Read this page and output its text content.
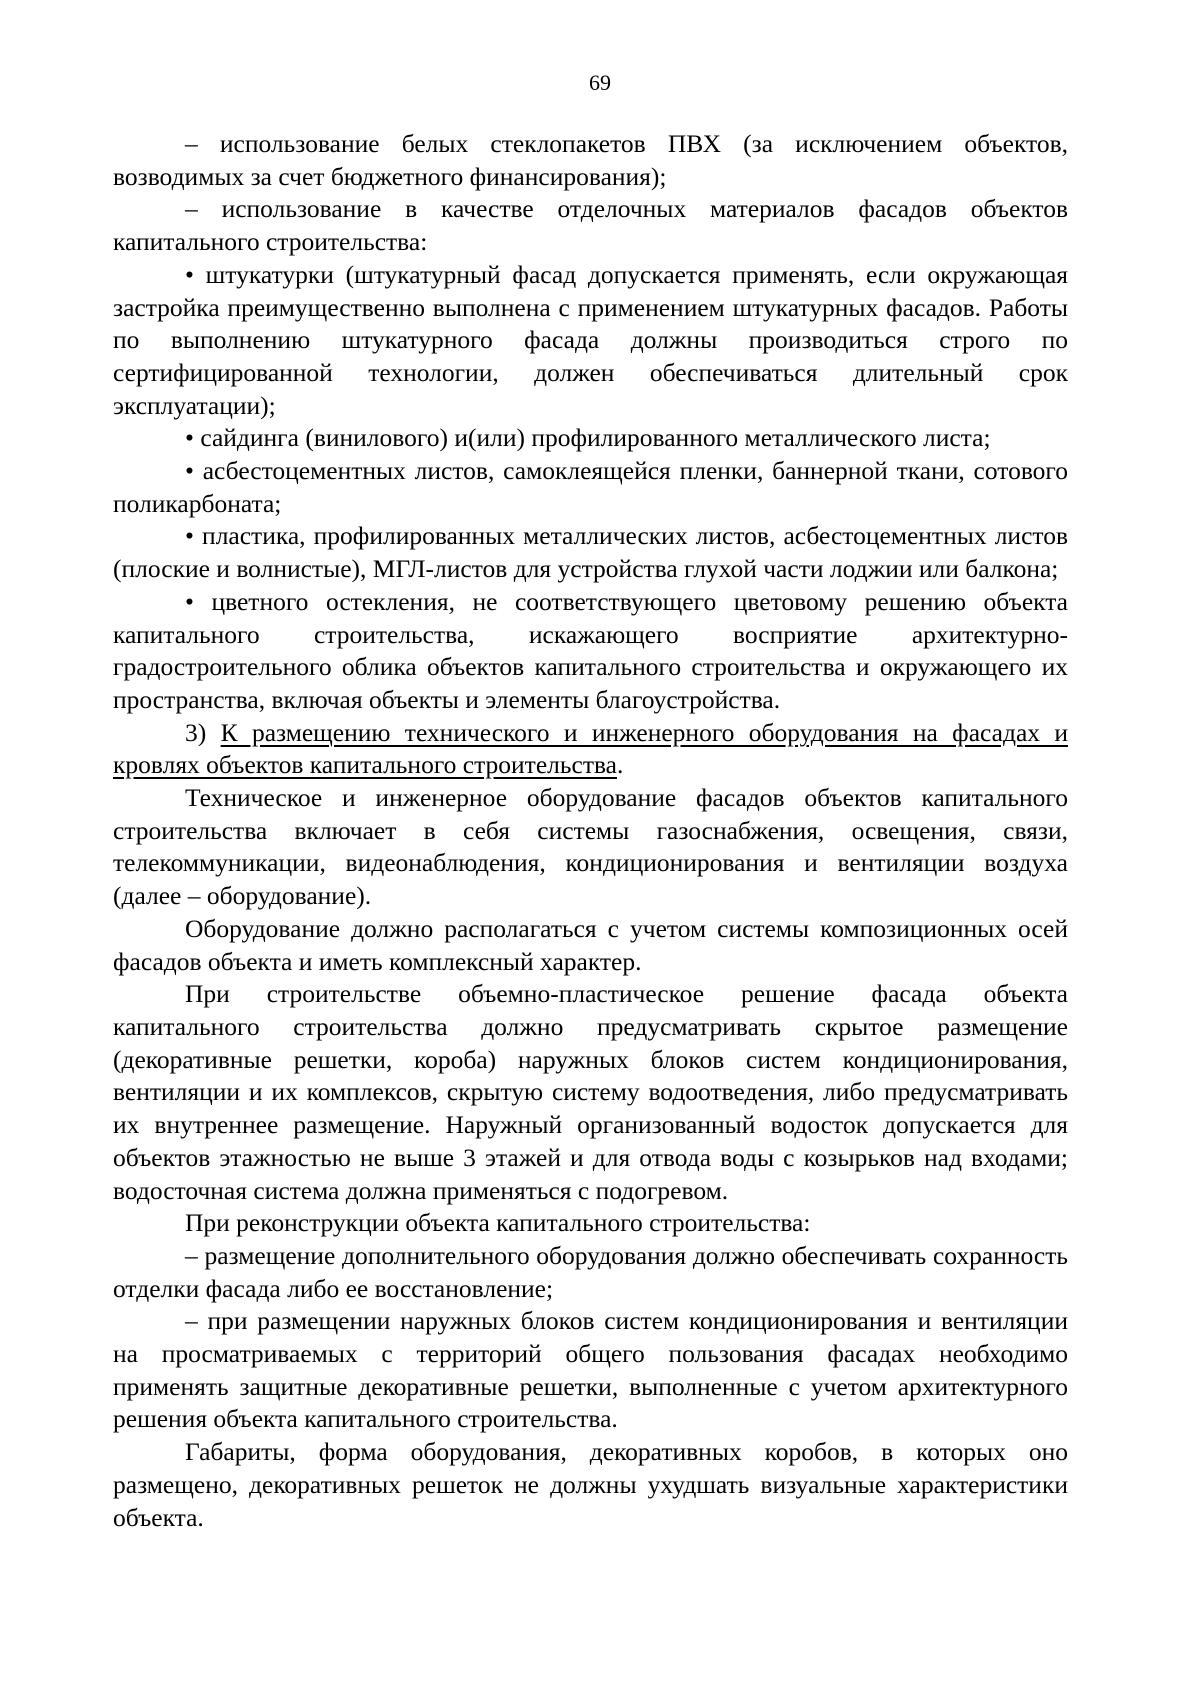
69

– использование белых стеклопакетов ПВХ (за исключением объектов, возводимых за счет бюджетного финансирования);

– использование в качестве отделочных материалов фасадов объектов капитального строительства:

• штукатурки (штукатурный фасад допускается применять, если окружающая застройка преимущественно выполнена с применением штукатурных фасадов. Работы по выполнению штукатурного фасада должны производиться строго по сертифицированной технологии, должен обеспечиваться длительный срок эксплуатации);

• сайдинга (винилового) и(или) профилированного металлического листа;

• асбестоцементных листов, самоклеящейся пленки, баннерной ткани, сотового поликарбоната;

• пластика, профилированных металлических листов, асбестоцементных листов (плоские и волнистые), МГЛ-листов для устройства глухой части лоджии или балкона;

• цветного остекления, не соответствующего цветовому решению объекта капитального строительства, искажающего восприятие архитектурно-градостроительного облика объектов капитального строительства и окружающего их пространства, включая объекты и элементы благоустройства.

3) К размещению технического и инженерного оборудования на фасадах и кровлях объектов капитального строительства.

Техническое и инженерное оборудование фасадов объектов капитального строительства включает в себя системы газоснабжения, освещения, связи, телекоммуникации, видеонаблюдения, кондиционирования и вентиляции воздуха (далее – оборудование).

Оборудование должно располагаться с учетом системы композиционных осей фасадов объекта и иметь комплексный характер.

При строительстве объемно-пластическое решение фасада объекта капитального строительства должно предусматривать скрытое размещение (декоративные решетки, короба) наружных блоков систем кондиционирования, вентиляции и их комплексов, скрытую систему водоотведения, либо предусматривать их внутреннее размещение. Наружный организованный водосток допускается для объектов этажностью не выше 3 этажей и для отвода воды с козырьков над входами; водосточная система должна применяться с подогревом.

При реконструкции объекта капитального строительства:

– размещение дополнительного оборудования должно обеспечивать сохранность отделки фасада либо ее восстановление;

– при размещении наружных блоков систем кондиционирования и вентиляции на просматриваемых с территорий общего пользования фасадах необходимо применять защитные декоративные решетки, выполненные с учетом архитектурного решения объекта капитального строительства.

Габариты, форма оборудования, декоративных коробов, в которых оно размещено, декоративных решеток не должны ухудшать визуальные характеристики объекта.
